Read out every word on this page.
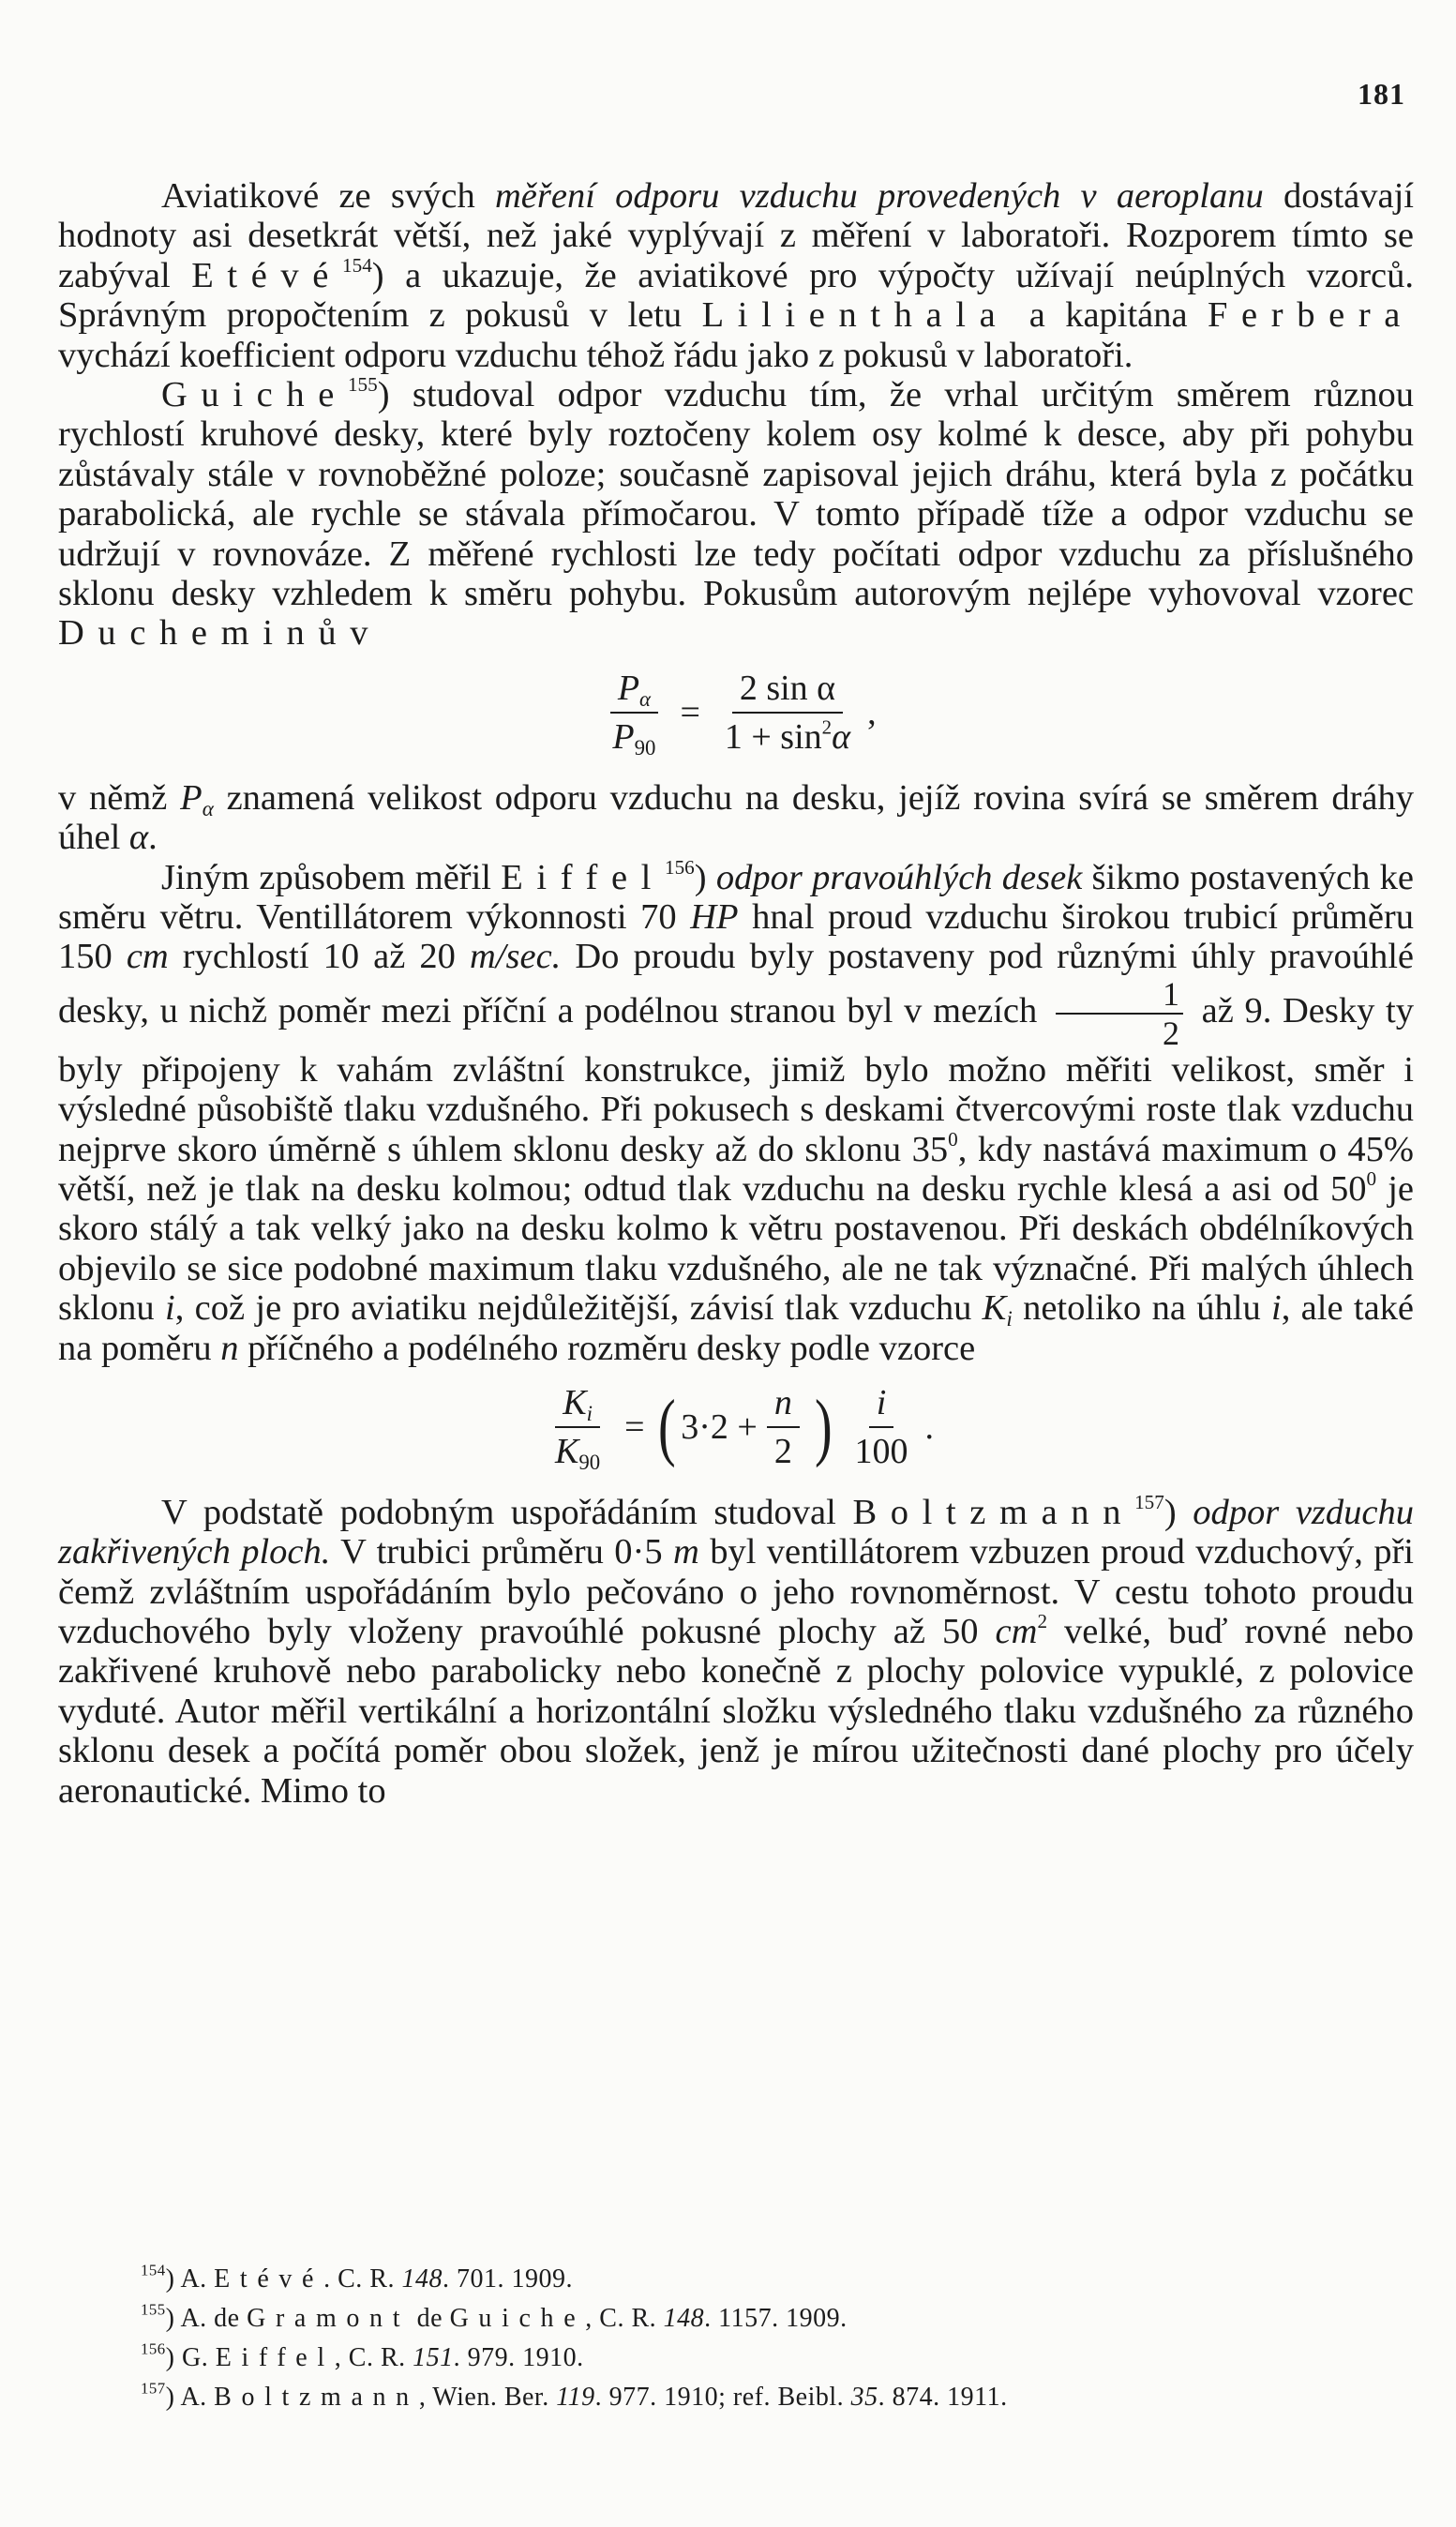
181

Aviatikové ze svých měření odporu vzduchu provedených v aeroplanu dostávají hodnoty asi desetkrát větší, než jaké vyplývají z měření v laboratoři. Rozporem tímto se zabýval Etévé$^{154}$) a ukazuje, že aviatikové pro výpočty užívají neúplných vzorců. Správným propočtením z pokusů v letu Lilienthala a kapitána Ferbera vychází koefficient odporu vzduchu téhož řádu jako z pokusů v laboratoři.

Guiche$^{155}$) studoval odpor vzduchu tím, že vrhal určitým směrem různou rychlostí kruhové desky, které byly roztočeny kolem osy kolmé k desce, aby při pohybu zůstávaly stále v rovnoběžné poloze; současně zapisoval jejich dráhu, která byla z počátku parabolická, ale rychle se stávala přímočarou. V tomto případě tíže a odpor vzduchu se udržují v rovnováze. Z měřené rychlosti lze tedy počítati odpor vzduchu za příslušného sklonu desky vzhledem k směru pohybu. Pokusům autorovým nejlépe vyhovoval vzorec Ducheminův

$\frac{P_\alpha}{P_{90}} = \frac{\text{2 sin α}}{1 + \sin^2\alpha}$ ,

v němž $P_\alpha$ znamená velikost odporu vzduchu na desku, jejíž rovina svírá se směrem dráhy úhel α.

Jiným způsobem měřil Eiffel$^{156}$) odpor pravoúhlých desek šikmo postavených ke směru větru. Ventillátorem výkonnosti 70 HP hnal proud vzduchu širokou trubicí průměru 150 cm rychlostí 10 až 20 m/sec. Do proudu byly postaveny pod různými úhly pravoúhlé desky, u nichž poměr mezi příční a podélnou stranou byl v mezích $\frac{1}{2}$ až 9. Desky ty byly připojeny k vahám zvláštní konstrukce, jimiž bylo možno měřiti velikost, směr i výsledné působiště tlaku vzdušného. Při pokusech s deskami čtvercovými roste tlak vzduchu nejprve skoro úměrně s úhlem sklonu desky až do sklonu $35^0$, kdy nastává maximum o 45% větší, než je tlak na desku kolmou; odtud tlak vzduchu na desku rychle klesá a asi od $50^0$ je skoro stálý a tak velký jako na desku kolmo k větru postavenou. Při deskách obdélníkových objevilo se sice podobné maximum tlaku vzdušného, ale ne tak význačné. Při malých úhlech sklonu i, což je pro aviatiku nejdůležitější, závisí tlak vzduchu $K_i$ netoliko na úhlu i, ale také na poměru n příčného a podélného rozměru desky podle vzorce

$\frac{K_i}{K_{90}}$ = ( $3\cdot 2 + \frac{n}{2}$ ) i
100
.

V podstatě podobným uspořádáním studoval Boltzmann$^{157}$) odpor vzduchu zakřivených ploch. V trubici průměru 0·5 m byl ventillátorem vzbuzen proud vzduchový, při čemž zvláštním uspořádáním bylo pečováno o jeho rovnoměrnost. V cestu tohoto proudu vzduchového byly vloženy pravoúhlé pokusné plochy až 50 $cm^2$ velké, buď rovné nebo zakřivené kruhově nebo parabolicky nebo konečně z plochy polovice vypuklé, z polovice vyduté. Autor měřil vertikální a horizontální složku výsledného tlaku vzdušného za různého sklonu desek a počítá poměr obou složek, jenž je mírou užitečnosti dané plochy pro účely aeronautické. Mimo to

$^{154}$) A. Etévé. C. R. 148. 701. 1909.
$^{155}$) A. de Gramont de Guiche, C. R. 148. 1157. 1909.
$^{156}$) G. Eiffel, C. R. 151. 979. 1910.
$^{157}$) A. Boltzmann, Wien. Ber. 119. 977. 1910; ref. Beibl. 35. 874. 1911.
